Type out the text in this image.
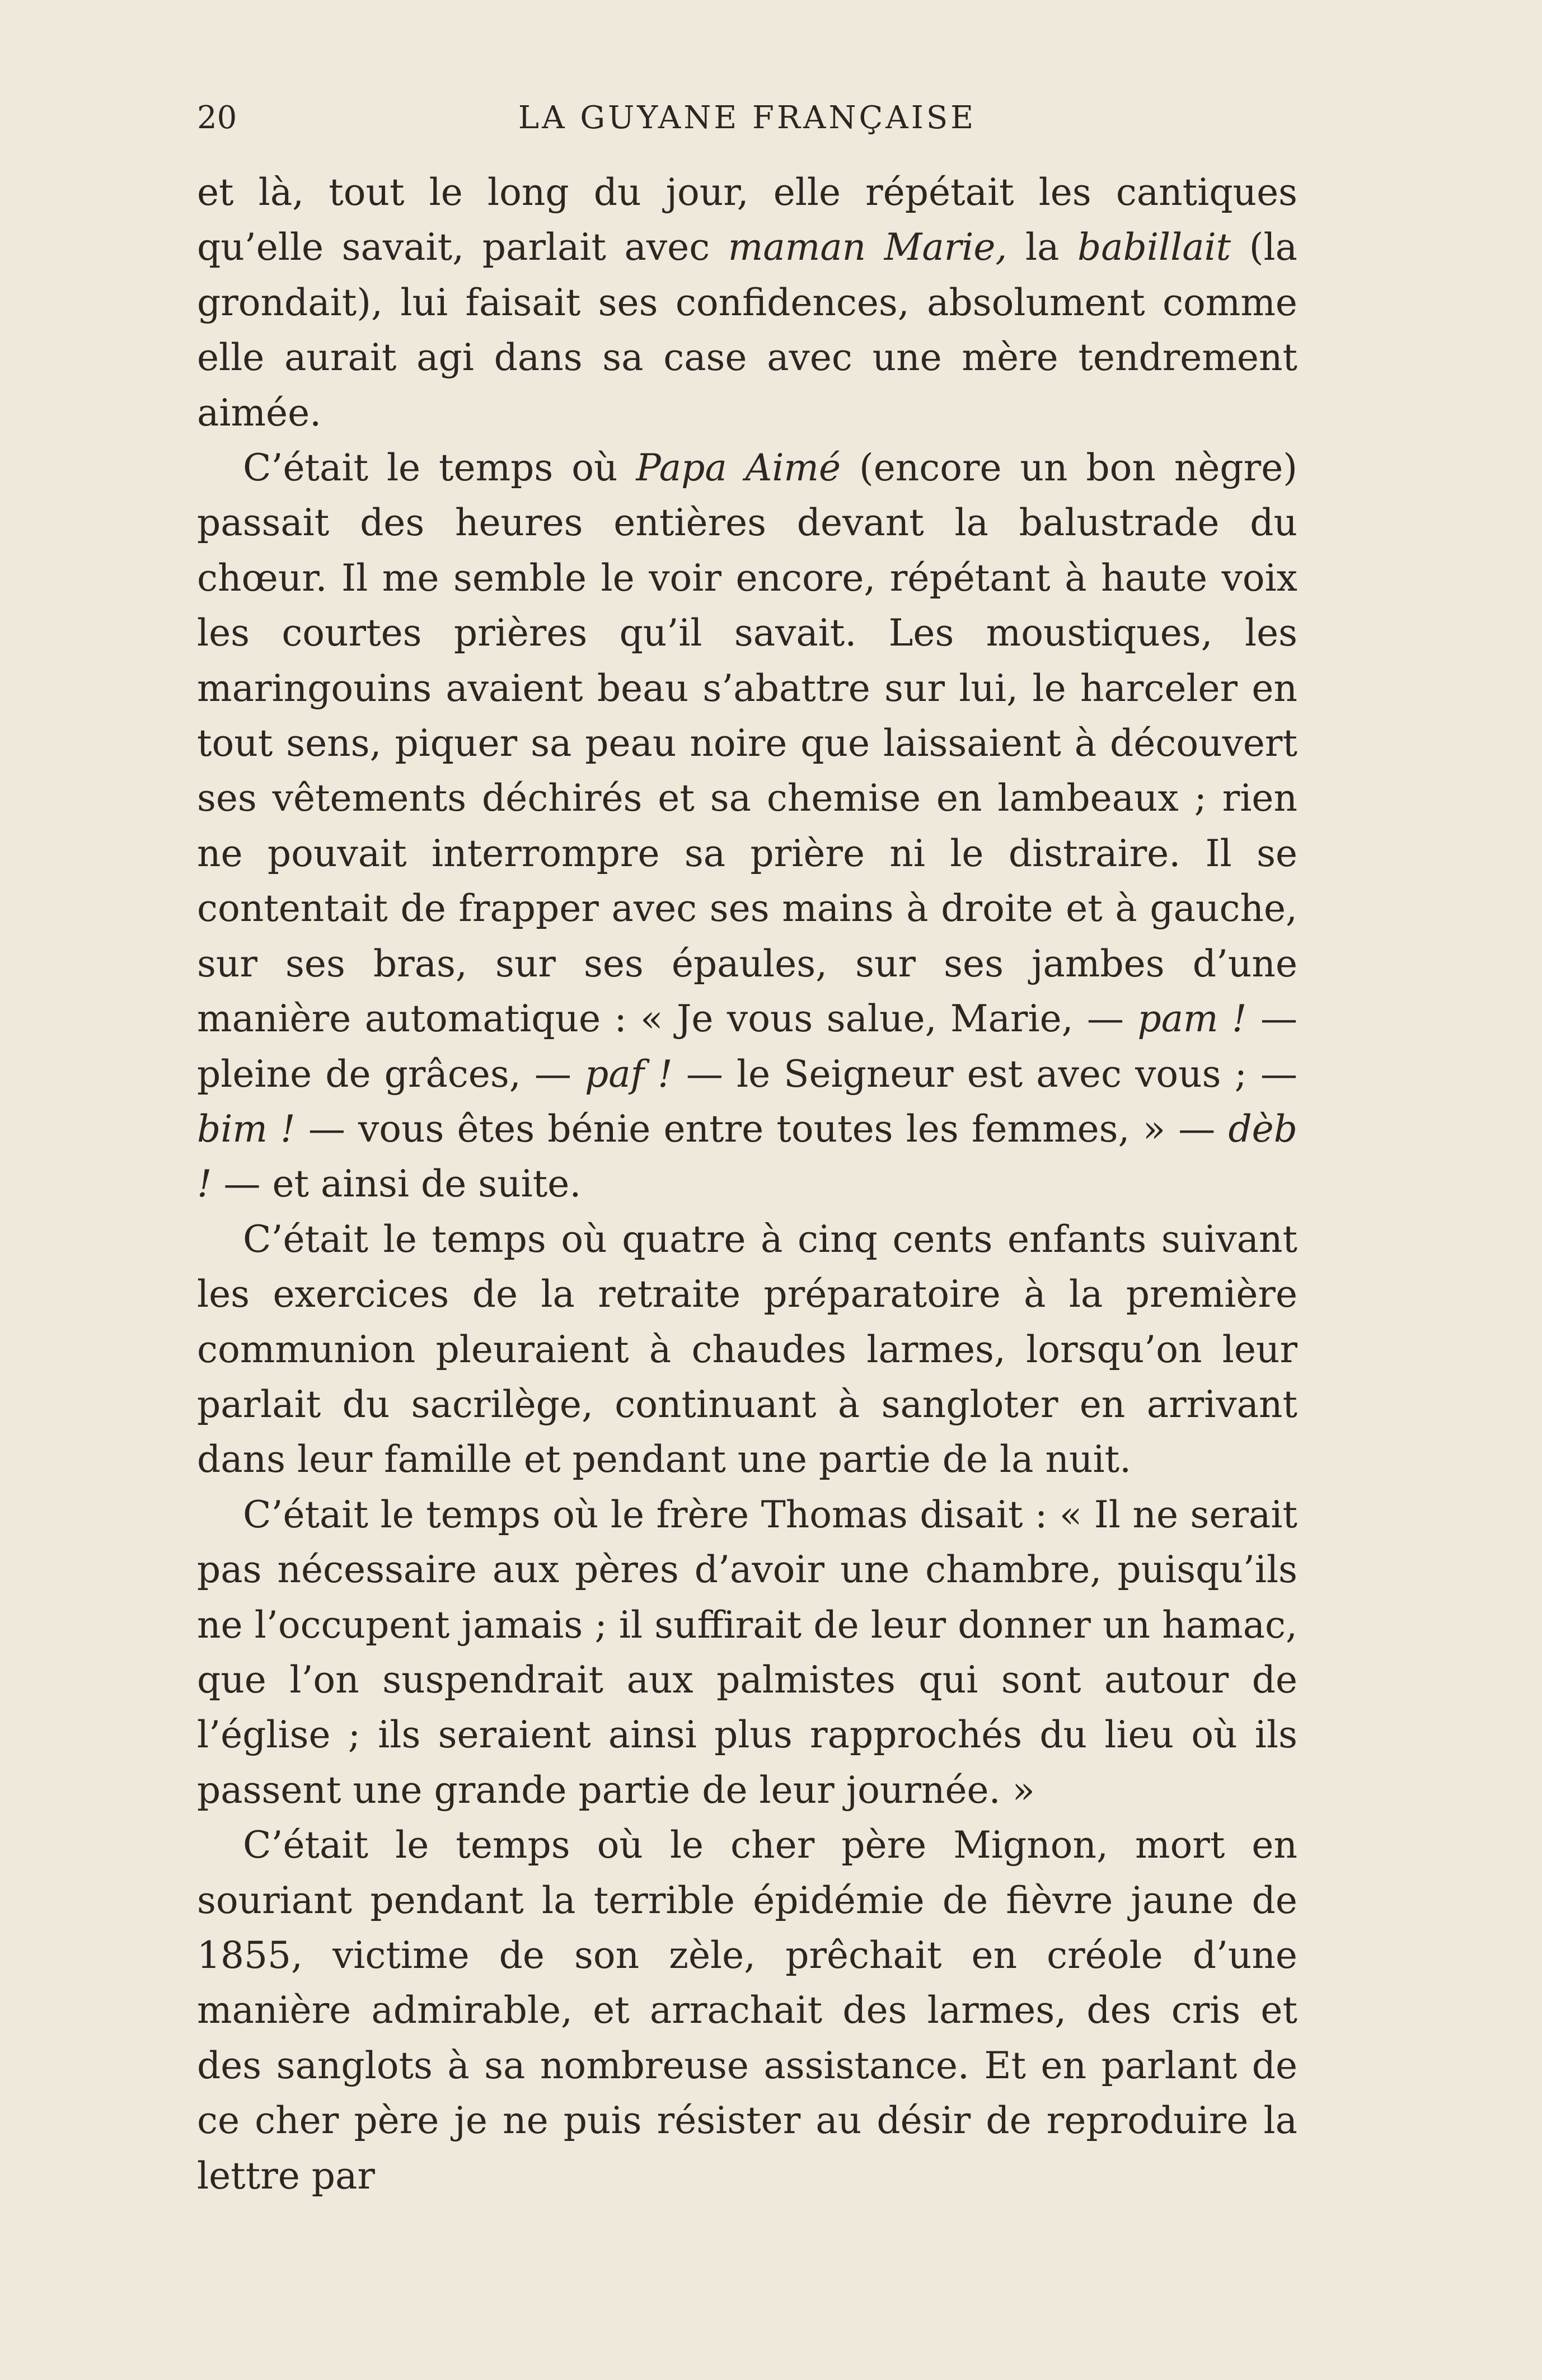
20	LA GUYANE FRANÇAISE

et là, tout le long du jour, elle répétait les cantiques qu’elle savait, parlait avec maman Marie, la babillait (la grondait), lui faisait ses confidences, absolument comme elle aurait agi dans sa case avec une mère tendrement aimée.

C’était le temps où Papa Aimé (encore un bon nègre) passait des heures entières devant la balustrade du chœur. Il me semble le voir encore, répétant à haute voix les courtes prières qu’il savait. Les moustiques, les maringouins avaient beau s’abattre sur lui, le harceler en tout sens, piquer sa peau noire que laissaient à découvert ses vêtements déchirés et sa chemise en lambeaux ; rien ne pouvait interrompre sa prière ni le distraire. Il se contentait de frapper avec ses mains à droite et à gauche, sur ses bras, sur ses épaules, sur ses jambes d’une manière automatique : « Je vous salue, Marie, — pam ! — pleine de grâces, — paf ! — le Seigneur est avec vous ; — bim ! — vous êtes bénie entre toutes les femmes, » — dèb ! — et ainsi de suite.

C’était le temps où quatre à cinq cents enfants suivant les exercices de la retraite préparatoire à la première communion pleuraient à chaudes larmes, lorsqu’on leur parlait du sacrilège, continuant à sangloter en arrivant dans leur famille et pendant une partie de la nuit.

C’était le temps où le frère Thomas disait : « Il ne serait pas nécessaire aux pères d’avoir une chambre, puisqu’ils ne l’occupent jamais ; il suffirait de leur donner un hamac, que l’on suspendrait aux palmistes qui sont autour de l’église ; ils seraient ainsi plus rapprochés du lieu où ils passent une grande partie de leur journée. »

C’était le temps où le cher père Mignon, mort en souriant pendant la terrible épidémie de fièvre jaune de 1855, victime de son zèle, prêchait en créole d’une manière admirable, et arrachait des larmes, des cris et des sanglots à sa nombreuse assistance. Et en parlant de ce cher père je ne puis résister au désir de reproduire la lettre par
